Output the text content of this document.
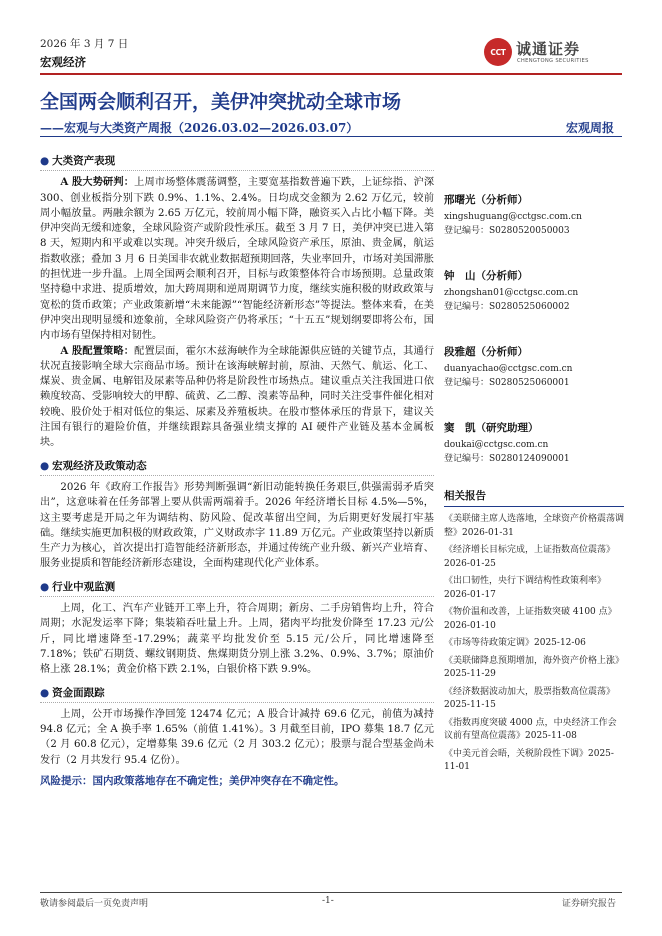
2026 年 3 月 7 日
宏观经济
CCT 诚通证券
CHENGTONG SECURITIES
全国两会顺利召开，美伊冲突扰动全球市场
——宏观与大类资产周报（2026.03.02—2026.03.07）	宏观周报
● 大类资产表现

A 股大势研判：上周市场整体震荡调整，主要宽基指数普遍下跌，上证综指、沪深 300、创业板指分别下跌 0.9%、1.1%、2.4%。日均成交金额为 2.62 万亿元，较前周小幅放量。两融余额为 2.65 万亿元，较前周小幅下降，融资买入占比小幅下降。美伊冲突尚无缓和迹象，全球风险资产或阶段性承压。截至 3 月 7 日，美伊冲突已进入第 8 天，短期内和平或难以实现。冲突升级后，全球风险资产承压，原油、贵金属，航运指数收涨；叠加 3 月 6 日美国非农就业数据超预期回落，失业率回升，市场对美国滞胀的担忧进一步升温。上周全国两会顺利召开，目标与政策整体符合市场预期。总量政策坚持稳中求进、提质增效，加大跨周期和逆周期调节力度，继续实施积极的财政政策与宽松的货币政策；产业政策新增“未来能源”“智能经济新形态”等提法。整体来看，在美伊冲突出现明显缓和迹象前，全球风险资产仍将承压；“十五五”规划纲要即将公布，国内市场有望保持相对韧性。

A 股配置策略：配置层面，霍尔木兹海峡作为全球能源供应链的关键节点，其通行状况直接影响全球大宗商品市场。预计在该海峡解封前，原油、天然气、航运、化工、煤炭、贵金属、电解铝及尿素等品种仍将是阶段性市场热点。建议重点关注我国进口依赖度较高、受影响较大的甲醇、硫黄、乙二醇、溴素等品种，同时关注受事件催化相对较晚、股价处于相对低位的集运、尿素及养殖板块。在股市整体承压的背景下，建议关注国有银行的避险价值，并继续跟踪具备强业绩支撑的 AI 硬件产业链及基本金属板块。

● 宏观经济及政策动态

2026 年《政府工作报告》形势判断强调“新旧动能转换任务艰巨,供强需弱矛盾突出”，这意味着在任务部署上要从供需两端着手。2026 年经济增长目标 4.5%—5%，这主要考虑是开局之年为调结构、防风险、促改革留出空间，为后期更好发展打牢基础。继续实施更加积极的财政政策，广义财政赤字 11.89 万亿元。产业政策坚持以新质生产力为核心，首次提出打造智能经济新形态，并通过传统产业升级、新兴产业培育、服务业提质和智能经济新形态建设，全面构建现代化产业体系。

● 行业中观监测

上周，化工、汽车产业链开工率上升，符合周期；新房、二手房销售均上升，符合周期；水泥发运率下降；集装箱吞吐量上升。上周，猪肉平均批发价降至 17.23 元/公斤，同比增速降至-17.29%；蔬菜平均批发价至 5.15 元/公斤，同比增速降至 7.18%；铁矿石期货、螺纹钢期货、焦煤期货分别上涨 3.2%、0.9%、3.7%；原油价格上涨 28.1%；黄金价格下跌 2.1%，白银价格下跌 9.9%。

● 资金面跟踪

上周，公开市场操作净回笼 12474 亿元；A 股合计减持 69.6 亿元，前值为减持 94.8 亿元；全 A 换手率 1.65%（前值 1.41%）。3 月截至目前，IPO 募集 18.7 亿元（2 月 60.8 亿元），定增募集 39.6 亿元（2 月 303.2 亿元）；股票与混合型基金尚未发行（2 月共发行 95.4 亿份）。

风险提示：国内政策落地存在不确定性；美伊冲突存在不确定性。
邢曙光（分析师）
xingshuguang@cctgsc.com.cn
登记编号：S0280520050003
钟　山（分析师）
zhongshan01@cctgsc.com.cn
登记编号：S0280525060002
段雅超（分析师）
duanyachao@cctgsc.com.cn
登记编号：S0280525060001
窦　凯（研究助理）
doukai@cctgsc.com.cn
登记编号：S0280124090001
相关报告
《美联储主席人选落地，全球资产价格震荡调整》2026-01-31
《经济增长目标完成，上证指数高位震荡》2026-01-25
《出口韧性，央行下调结构性政策利率》2026-01-17
《物价温和改善，上证指数突破 4100 点》2026-01-10
《市场等待政策定调》2025-12-06
《美联储降息预期增加，海外资产价格上涨》2025-11-29
《经济数据波动加大，股票指数高位震荡》2025-11-15
《指数再度突破 4000 点，中央经济工作会议前有望高位震荡》2025-11-08
《中美元首会晤，关税阶段性下调》2025-11-01
敬请参阅最后一页免责声明	-1-	证券研究报告
